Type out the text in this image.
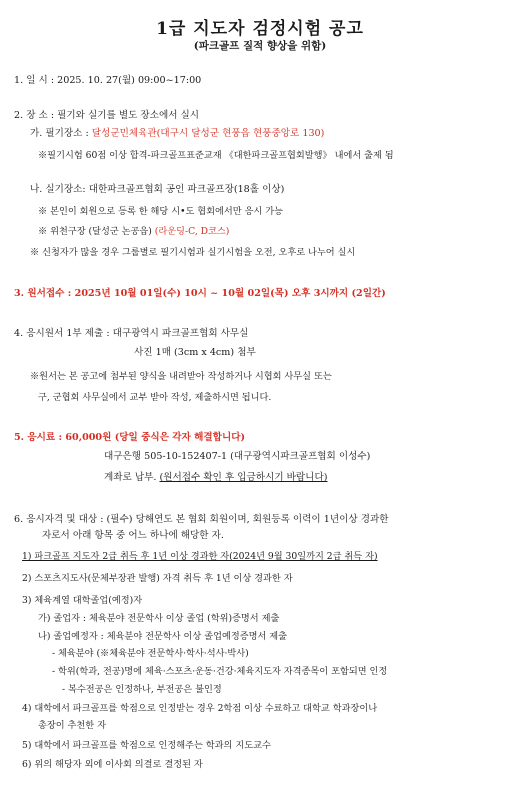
1급 지도자 검정시험 공고
(파크골프 질적 향상을 위함)
1. 일 시 : 2025. 10. 27(월) 09:00~17:00
2. 장 소 : 필기와 실기를 별도 장소에서 실시
가. 필기장소 : 달성군민체육관(대구시 달성군 현풍읍 현풍중앙로 130)
※필기시험 60점 이상 합격-파크골프표준교재 《대한파크골프협회발행》 내에서 출제 됨
나. 실기장소: 대한파크골프협회 공인 파크골프장(18홀 이상)
※ 본인이 회원으로 등록 한 해당 시•도 협회에서만 응시 가능
※ 위천구장 (달성군 논공읍) (라운딩-C, D코스)
※ 신청자가 많을 경우 그룹별로 필기시험과 실기시험을 오전, 오후로 나누어 실시
3. 원서접수 : 2025년 10월 01일(수) 10시 ~ 10월 02일(목) 오후 3시까지 (2일간)
4. 응시원서 1부 제출 : 대구광역시 파크골프협회 사무실
사진 1매 (3cm x 4cm) 첨부
※원서는 본 공고에 첨부된 양식을 내려받아 작성하거나 시협회 사무실 또는
구, 군협회 사무실에서 교부 받아 작성, 제출하시면 됩니다.
5. 응시료 : 60,000원 (당일 중식은 각자 해결합니다)
대구은행 505-10-152407-1 (대구광역시파크골프협회 이성수)
계좌로 납부. (원서접수 확인 후 입금하시기 바랍니다)
6. 응시자격 및 대상 : (필수) 당해연도 본 협회 회원이며, 회원등록 이력이 1년이상 경과한
자로서 아래 항목 중 어느 하나에 해당한 자.
1) 파크골프 지도자 2급 취득 후 1년 이상 경과한 자(2024년 9월 30일까지 2급 취득 자)
2) 스포츠지도사(문체부장관 발행) 자격 취득 후 1년 이상 경과한 자
3) 체육계열 대학졸업(예정)자
가) 졸업자 : 체육분야 전문학사 이상 졸업 (학위)증명서 제출
나) 졸업예정자 : 체육분야 전문학사 이상 졸업예정증명서 제출
- 체육분야 (※체육분야 전문학사·학사·석사·박사)
- 학위(학과, 전공)명에 체육·스포츠·운동·건강·체육지도자 자격종목이 포함되면 인정
- 복수전공은 인정하나, 부전공은 불인정
4) 대학에서 파크골프를 학점으로 인정받는 경우 2학점 이상 수료하고 대학교 학과장이나
총장이 추천한 자
5) 대학에서 파크골프를 학점으로 인정해주는 학과의 지도교수
6) 위의 해당자 외에 이사회 의결로 결정된 자
